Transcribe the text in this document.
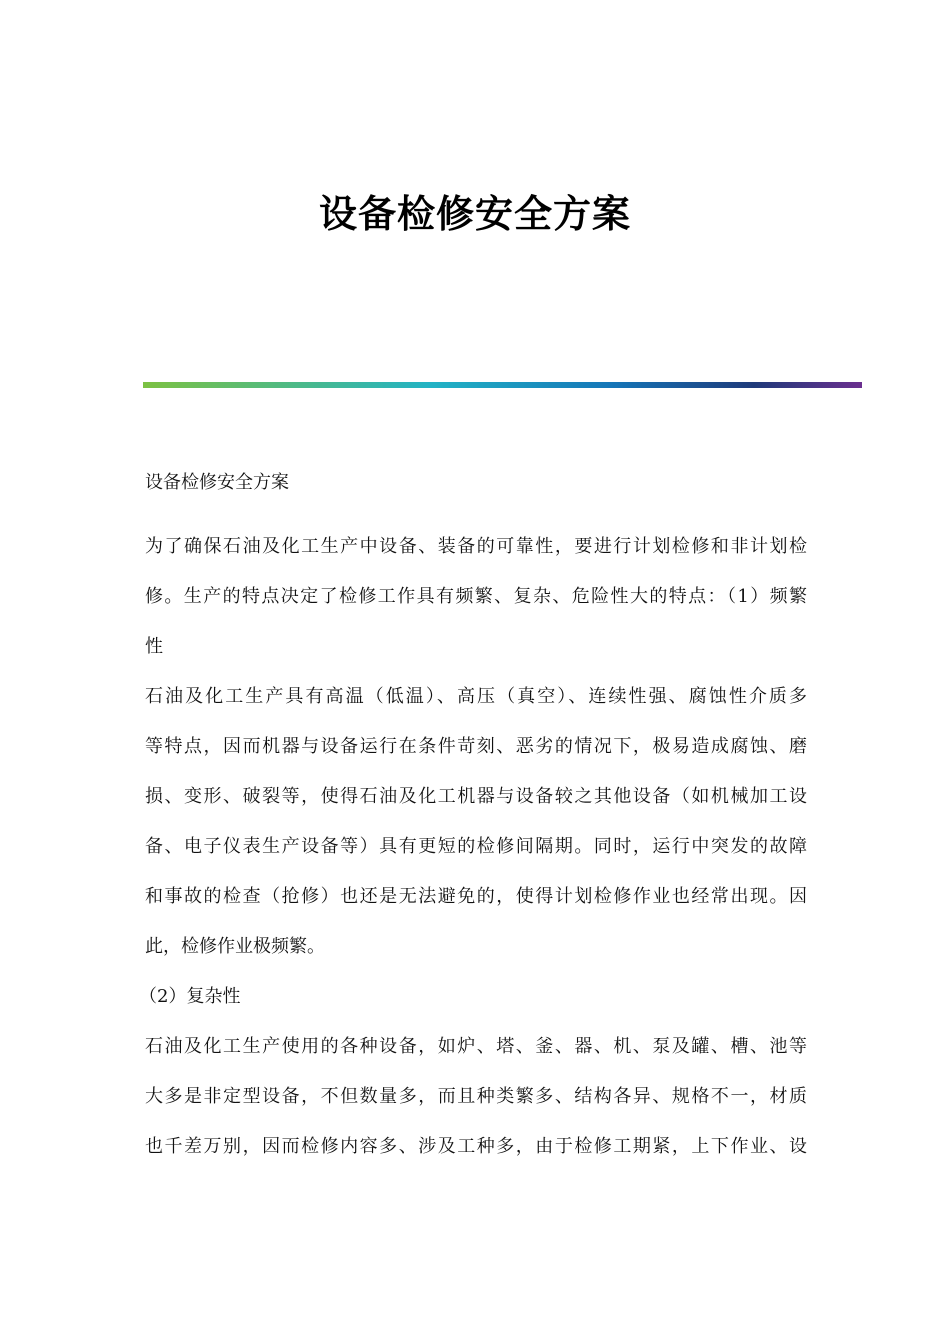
设备检修安全方案
设备检修安全方案
为了确保石油及化工生产中设备、装备的可靠性，要进行计划检修和非计划检
修。生产的特点决定了检修工作具有频繁、复杂、危险性大的特点：（1）频繁
性
石油及化工生产具有高温（低温）、高压（真空）、连续性强、腐蚀性介质多
等特点，因而机器与设备运行在条件苛刻、恶劣的情况下，极易造成腐蚀、磨
损、变形、破裂等，使得石油及化工机器与设备较之其他设备（如机械加工设
备、电子仪表生产设备等）具有更短的检修间隔期。同时，运行中突发的故障
和事故的检查（抢修）也还是无法避免的，使得计划检修作业也经常出现。因
此，检修作业极频繁。
（2）复杂性
石油及化工生产使用的各种设备，如炉、塔、釜、器、机、泵及罐、槽、池等
大多是非定型设备，不但数量多，而且种类繁多、结构各异、规格不一，材质
也千差万别，因而检修内容多、涉及工种多，由于检修工期紧，上下作业、设
